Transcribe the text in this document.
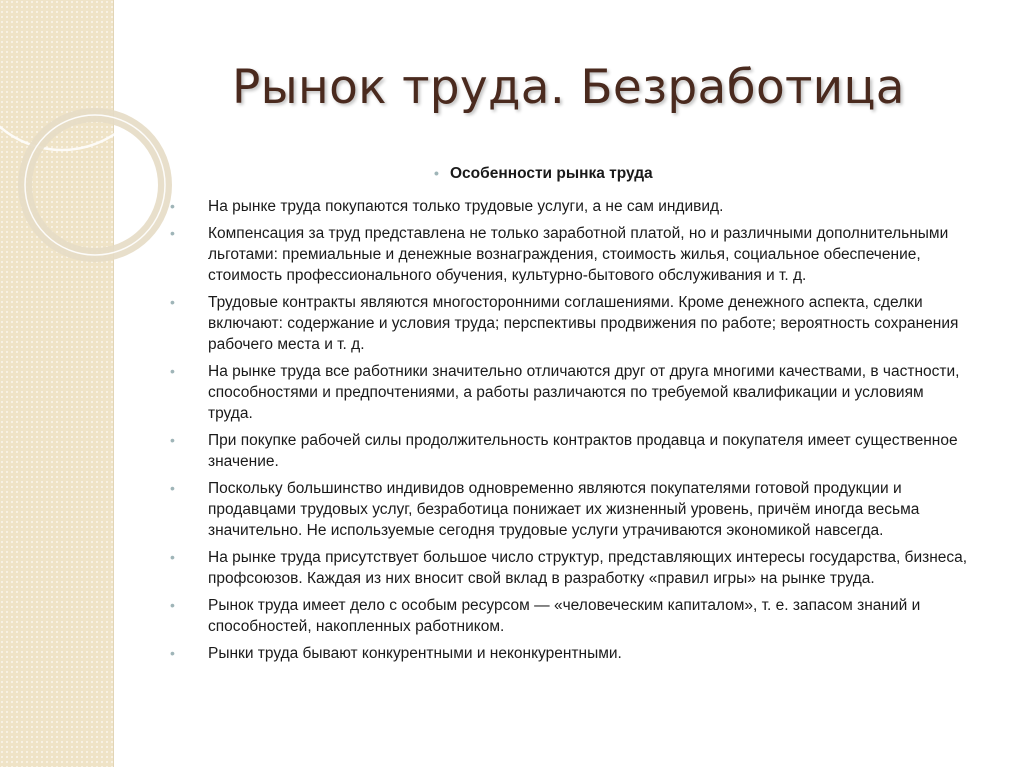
Рынок труда. Безработица
• Особенности рынка труда
• На рынке труда покупаются только трудовые услуги, а не сам индивид.
• Компенсация за труд представлена не только заработной платой, но и различными дополнительными льготами: премиальные и денежные вознаграждения, стоимость жилья, социальное обеспечение, стоимость профессионального обучения, культурно-бытового обслуживания и т. д.
• Трудовые контракты являются многосторонними соглашениями. Кроме денежного аспекта, сделки включают: содержание и условия труда; перспективы продвижения по работе; вероятность сохранения рабочего места и т. д.
• На рынке труда все работники значительно отличаются друг от друга многими качествами, в частности, способностями и предпочтениями, а работы различаются по требуемой квалификации и условиям труда.
• При покупке рабочей силы продолжительность контрактов продавца и покупателя имеет существенное значение.
• Поскольку большинство индивидов одновременно являются покупателями готовой продукции и продавцами трудовых услуг, безработица понижает их жизненный уровень, причём иногда весьма значительно. Не используемые сегодня трудовые услуги утрачиваются экономикой навсегда.
• На рынке труда присутствует большое число структур, представляющих интересы государства, бизнеса, профсоюзов. Каждая из них вносит свой вклад в разработку «правил игры» на рынке труда.
• Рынок труда имеет дело с особым ресурсом — «человеческим капиталом», т. е. запасом знаний и способностей, накопленных работником.
• Рынки труда бывают конкурентными и неконкурентными.
